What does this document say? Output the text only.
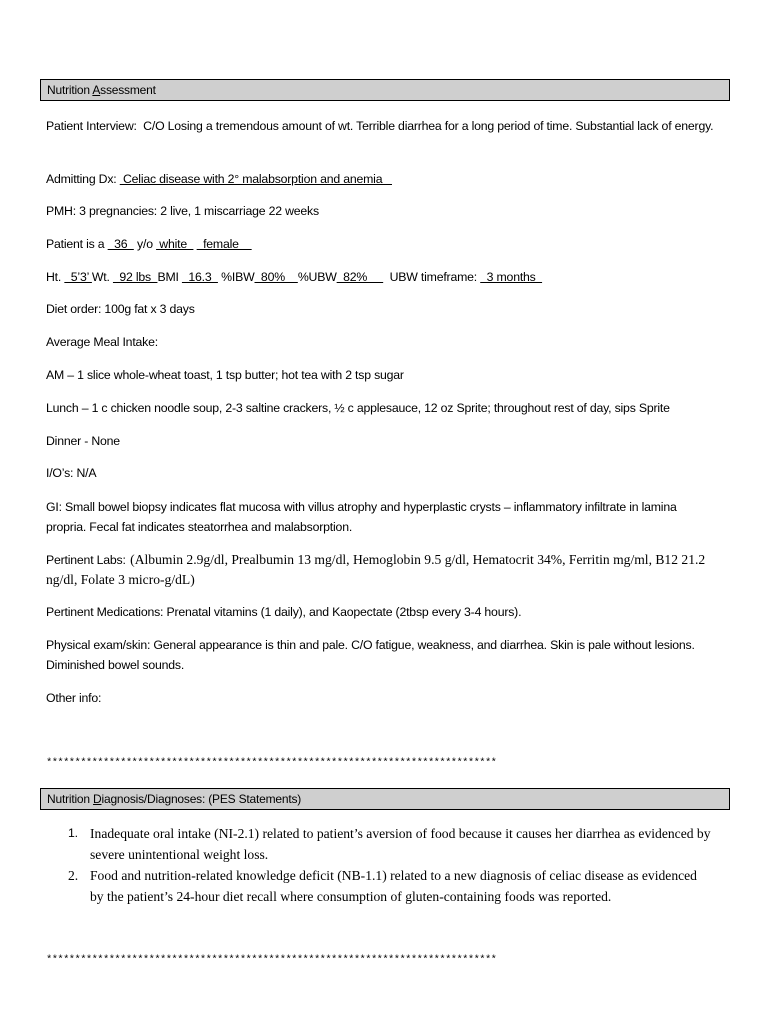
Nutrition Assessment
Patient Interview: C/O Losing a tremendous amount of wt. Terrible diarrhea for a long period of time. Substantial lack of energy.
Admitting Dx:  Celiac disease with 2° malabsorption and anemia
PMH: 3 pregnancies: 2 live, 1 miscarriage 22 weeks
Patient is a   36   y/o  white     female
Ht.   5’3’ Wt.   92 lbs  BMI   16.3   %IBW  80%    %UBW  82%       UBW timeframe:   3 months
Diet order: 100g fat x 3 days
Average Meal Intake:
AM – 1 slice whole-wheat toast, 1 tsp butter; hot tea with 2 tsp sugar
Lunch – 1 c chicken noodle soup, 2-3 saltine crackers, ½ c applesauce, 12 oz Sprite; throughout rest of day, sips Sprite
Dinner - None
I/O’s: N/A
GI: Small bowel biopsy indicates flat mucosa with villus atrophy and hyperplastic crysts – inflammatory infiltrate in lamina propria. Fecal fat indicates steatorrhea and malabsorption.
Pertinent Labs: (Albumin 2.9g/dl, Prealbumin 13 mg/dl, Hemoglobin 9.5 g/dl, Hematocrit 34%, Ferritin mg/ml, B12 21.2 ng/dl, Folate 3 micro-g/dL)
Pertinent Medications: Prenatal vitamins (1 daily), and Kaopectate (2tbsp every 3-4 hours).
Physical exam/skin: General appearance is thin and pale. C/O fatigue, weakness, and diarrhea. Skin is pale without lesions. Diminished bowel sounds.
Other info:
*******************************************************************************
Nutrition Diagnosis/Diagnoses: (PES Statements)
1. Inadequate oral intake (NI-2.1) related to patient’s aversion of food because it causes her diarrhea as evidenced by severe unintentional weight loss.
2. Food and nutrition-related knowledge deficit (NB-1.1) related to a new diagnosis of celiac disease as evidenced by the patient’s 24-hour diet recall where consumption of gluten-containing foods was reported.
*******************************************************************************
